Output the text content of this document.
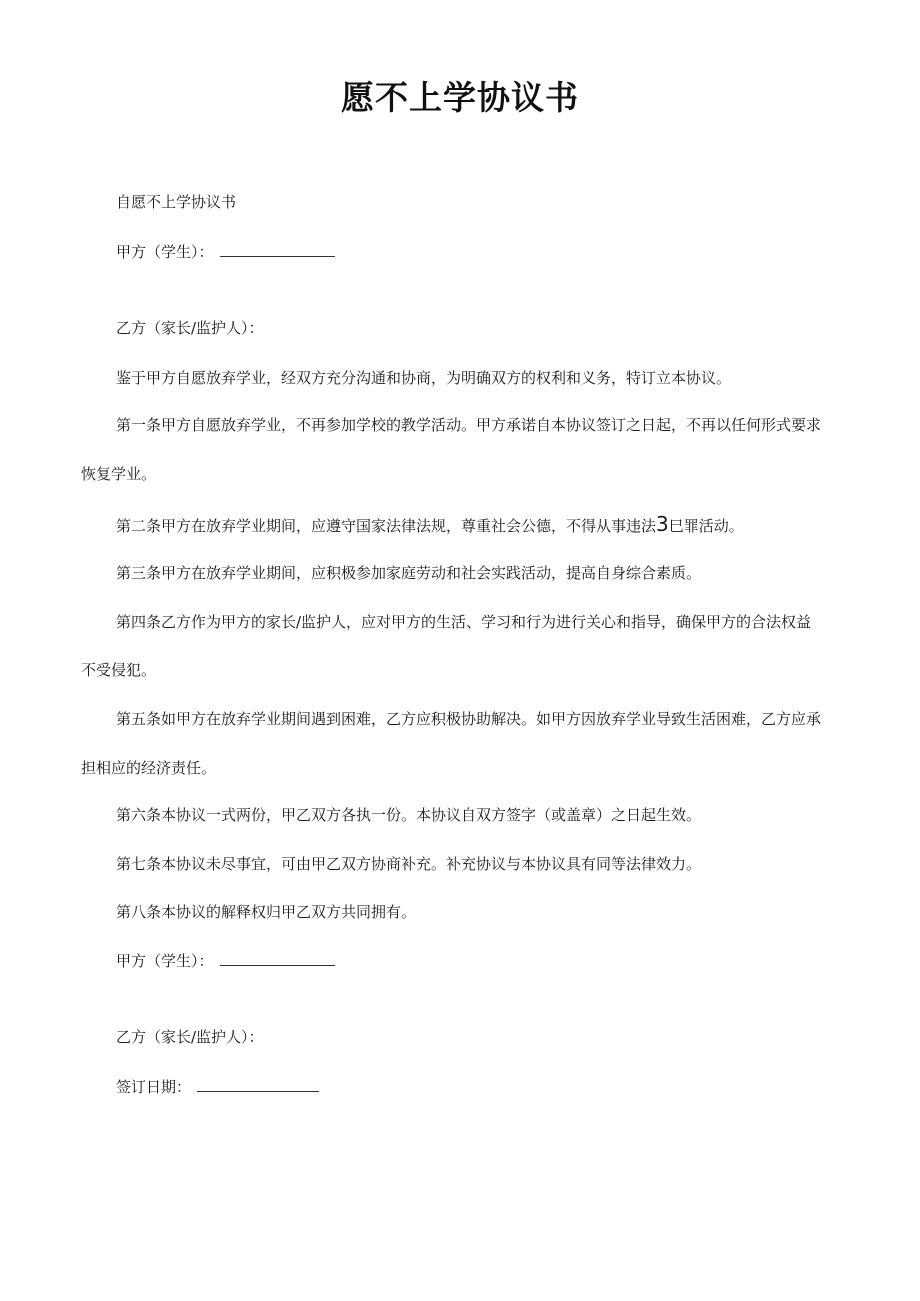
愿不上学协议书
自愿不上学协议书
甲方（学生）：
乙方（家长/监护人）：
鉴于甲方自愿放弃学业，经双方充分沟通和协商，为明确双方的权利和义务，特订立本协议。
第一条甲方自愿放弃学业，不再参加学校的教学活动。甲方承诺自本协议签订之日起，不再以任何形式要求
恢复学业。
第二条甲方在放弃学业期间，应遵守国家法律法规，尊重社会公德，不得从事违法3巳罪活动。
第三条甲方在放弃学业期间，应积极参加家庭劳动和社会实践活动，提高自身综合素质。
第四条乙方作为甲方的家长/监护人，应对甲方的生活、学习和行为进行关心和指导，确保甲方的合法权益
不受侵犯。
第五条如甲方在放弃学业期间遇到困难，乙方应积极协助解决。如甲方因放弃学业导致生活困难，乙方应承
担相应的经济责任。
第六条本协议一式两份，甲乙双方各执一份。本协议自双方签字（或盖章）之日起生效。
第七条本协议未尽事宜，可由甲乙双方协商补充。补充协议与本协议具有同等法律效力。
第八条本协议的解释权归甲乙双方共同拥有。
甲方（学生）：
乙方（家长/监护人）：
签订日期：
